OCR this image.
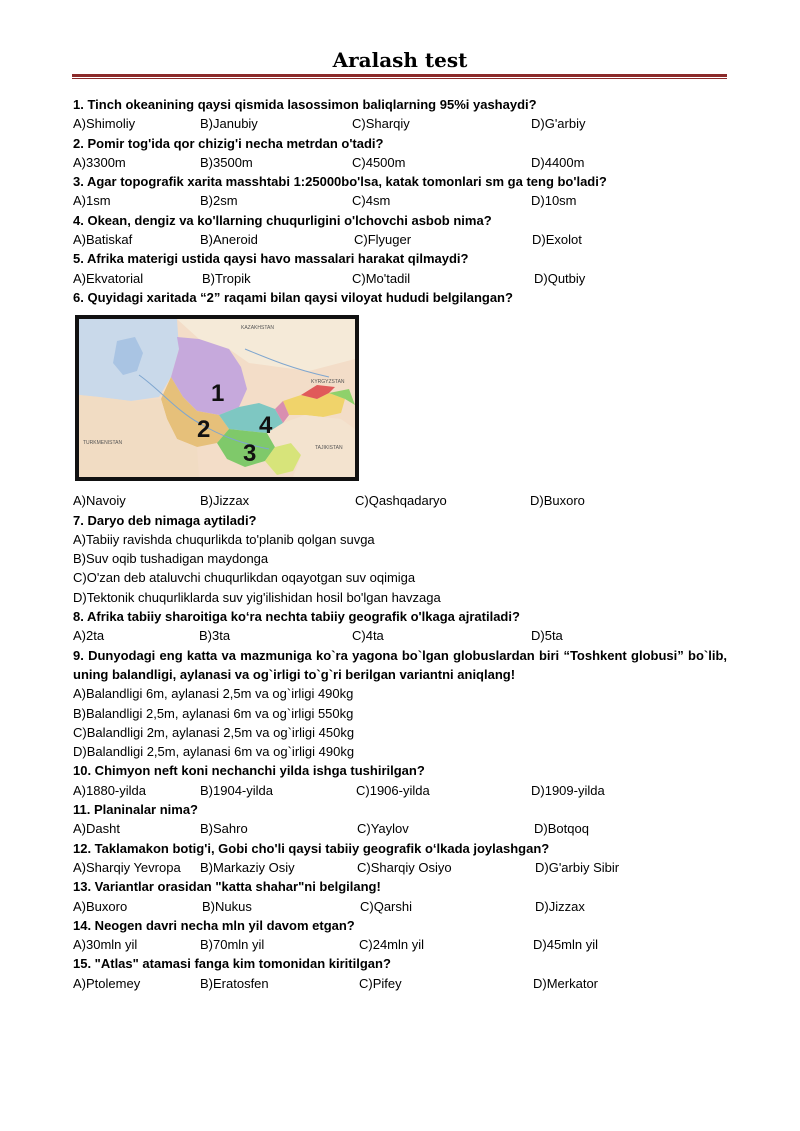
Aralash test
1. Tinch okeanining qaysi qismida lasossimon baliqlarning 95%i yashaydi?
A)Shimoliy	B)Janubiy	C)Sharqiy	D)G'arbiy
2. Pomir tog'ida qor chizig'i necha metrdan o'tadi?
A)3300m	B)3500m	C)4500m	D)4400m
3. Agar topografik xarita masshtabi 1:25000bo'lsa, katak tomonlari sm ga teng bo'ladi?
A)1sm	B)2sm	C)4sm	D)10sm
4. Okean, dengiz va ko'llarning chuqurligini o'lchovchi asbob nima?
A)Batiskaf	B)Aneroid	C)Flyuger	D)Exolot
5. Afrika materigi ustida qaysi havo massalari harakat qilmaydi?
A)Ekvatorial	B)Tropik	C)Mo'tadil	D)Qutbiy
6. Quyidagi xaritada “2” raqami bilan qaysi viloyat hududi belgilangan?
KAZAKHSTAN
TURKMENISTAN
TAJIKISTAN
KYRGYZSTAN
1
2
3
4
A)Navoiy	B)Jizzax	C)Qashqadaryo	D)Buxoro
7. Daryo deb nimaga aytiladi?
A)Tabiiy ravishda chuqurlikda to'planib qolgan suvga
B)Suv oqib tushadigan maydonga
C)O'zan deb ataluvchi chuqurlikdan oqayotgan suv oqimiga
D)Tektonik chuqurliklarda suv yig'ilishidan hosil bo'lgan havzaga
8. Afrika tabiiy sharoitiga ko‘ra nechta tabiiy geografik o'lkaga ajratiladi?
A)2ta	B)3ta	C)4ta	D)5ta
9. Dunyodagi eng katta va mazmuniga ko`ra yagona bo`lgan globuslardan biri “Toshkent globusi” bo`lib, uning balandligi, aylanasi va og`irligi to`g`ri berilgan variantni aniqlang!
A)Balandligi 6m, aylanasi 2,5m va og`irligi 490kg
B)Balandligi 2,5m, aylanasi 6m va og`irligi 550kg
C)Balandligi 2m, aylanasi 2,5m va og`irligi 450kg
D)Balandligi 2,5m, aylanasi 6m va og`irligi 490kg
10. Chimyon neft koni nechanchi yilda ishga tushirilgan?
A)1880-yilda	B)1904-yilda	C)1906-yilda	D)1909-yilda
11. Planinalar nima?
A)Dasht	B)Sahro	C)Yaylov	D)Botqoq
12. Taklamakon botig'i, Gobi cho'li qaysi tabiiy geografik o‘lkada joylashgan?
A)Sharqiy Yevropa B)Markaziy Osiy	C)Sharqiy Osiyo	D)G'arbiy Sibir
13. Variantlar orasidan "katta shahar"ni belgilang!
A)Buxoro	B)Nukus	C)Qarshi	D)Jizzax
14. Neogen davri necha mln yil davom etgan?
A)30mln yil	B)70mln yil	C)24mln yil	D)45mln yil
15. "Atlas" atamasi fanga kim tomonidan kiritilgan?
A)Ptolemey	B)Eratosfen	C)Pifey	D)Merkator
